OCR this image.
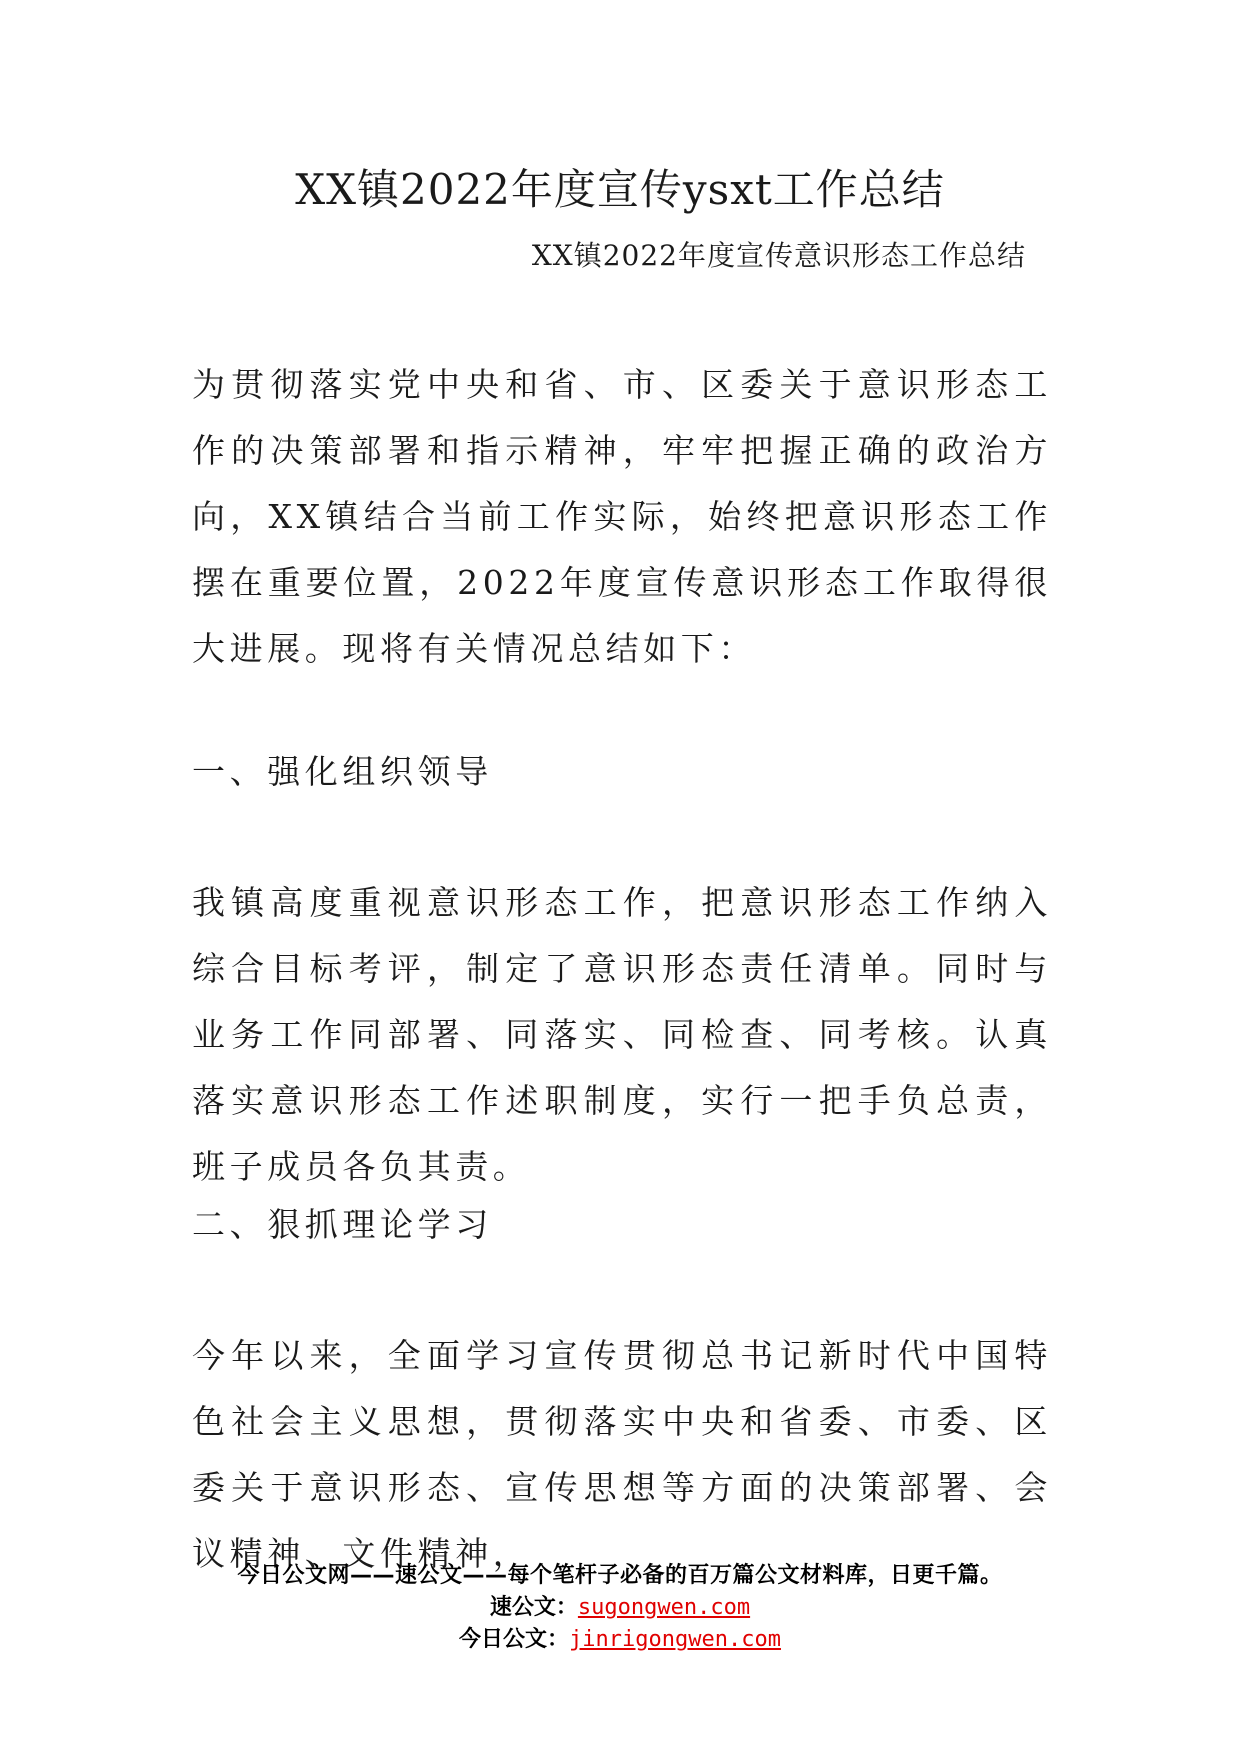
XX镇2022年度宣传ysxt工作总结
XX镇2022年度宣传意识形态工作总结

为贯彻落实党中央和省、市、区委关于意识形态工作的决策部署和指示精神，牢牢把握正确的政治方向，XX镇结合当前工作实际，始终把意识形态工作摆在重要位置，2022年度宣传意识形态工作取得很大进展。现将有关情况总结如下：

一、强化组织领导

我镇高度重视意识形态工作，把意识形态工作纳入综合目标考评，制定了意识形态责任清单。同时与业务工作同部署、同落实、同检查、同考核。认真落实意识形态工作述职制度，实行一把手负总责，班子成员各负其责。

二、狠抓理论学习

今年以来，全面学习宣传贯彻总书记新时代中国特色社会主义思想，贯彻落实中央和省委、市委、区委关于意识形态、宣传思想等方面的决策部署、会议精神、文件精神，

今日公文网——速公文——每个笔杆子必备的百万篇公文材料库，日更千篇。
速公文：sugongwen.com
今日公文：jinrigongwen.com
